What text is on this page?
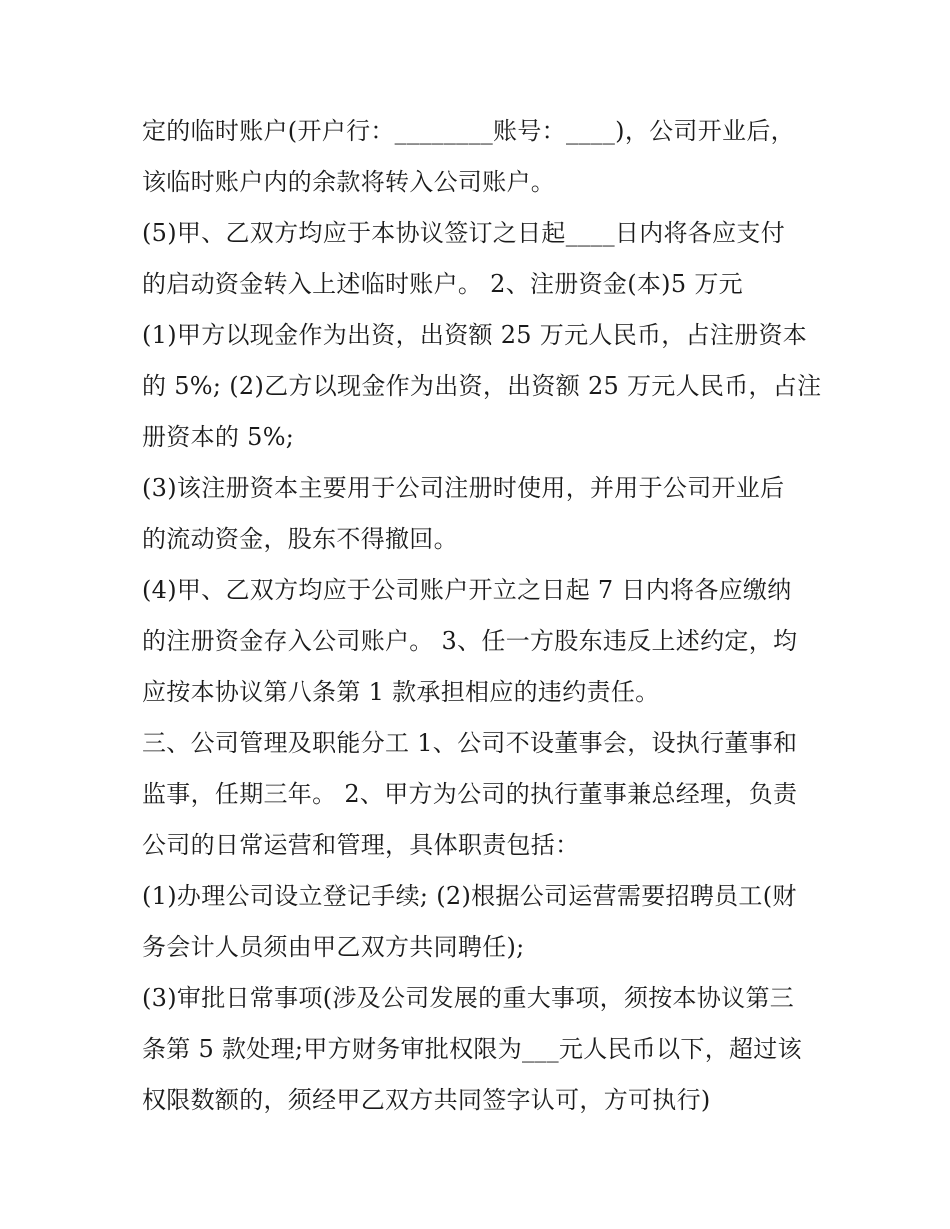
定的临时账户(开户行：________账号：____)，公司开业后，
该临时账户内的余款将转入公司账户。
(5)甲、乙双方均应于本协议签订之日起____日内将各应支付
的启动资金转入上述临时账户。 2、注册资金(本)5 万元
(1)甲方以现金作为出资，出资额 25 万元人民币，占注册资本
的 5%; (2)乙方以现金作为出资，出资额 25 万元人民币，占注
册资本的 5%;
(3)该注册资本主要用于公司注册时使用，并用于公司开业后
的流动资金，股东不得撤回。
(4)甲、乙双方均应于公司账户开立之日起 7 日内将各应缴纳
的注册资金存入公司账户。 3、任一方股东违反上述约定，均
应按本协议第八条第 1 款承担相应的违约责任。
三、公司管理及职能分工 1、公司不设董事会，设执行董事和
监事，任期三年。 2、甲方为公司的执行董事兼总经理，负责
公司的日常运营和管理，具体职责包括：
(1)办理公司设立登记手续; (2)根据公司运营需要招聘员工(财
务会计人员须由甲乙双方共同聘任);
(3)审批日常事项(涉及公司发展的重大事项，须按本协议第三
条第 5 款处理;甲方财务审批权限为___元人民币以下，超过该
权限数额的，须经甲乙双方共同签字认可，方可执行)
